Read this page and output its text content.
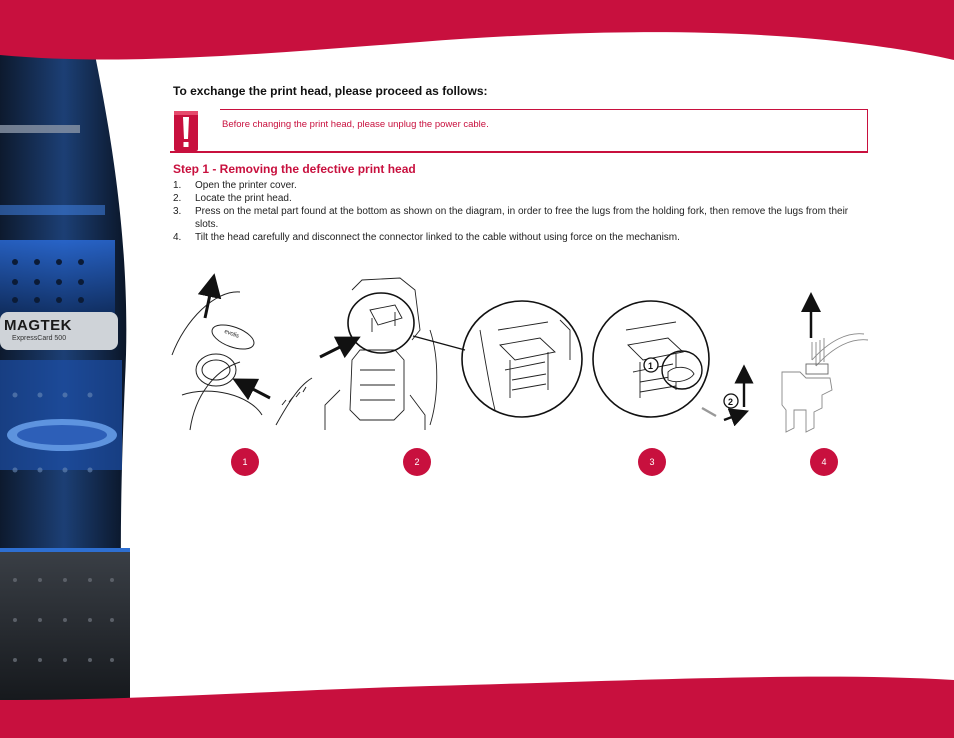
MAGTEK
ExpressCard 500
To exchange the print head, please proceed as follows:
Before changing the print head, please unplug the power cable.
Step 1 - Removing the defective print head
1. Open the printer cover.
2. Locate the print head.
3. Press on the metal part found at the bottom as shown on the diagram, in order to free the lugs from the holding fork, then remove the lugs from their slots.
4. Tilt the head carefully and disconnect the connector linked to the cable without using force on the mechanism.
evolis
1
2
1	2	3	4
